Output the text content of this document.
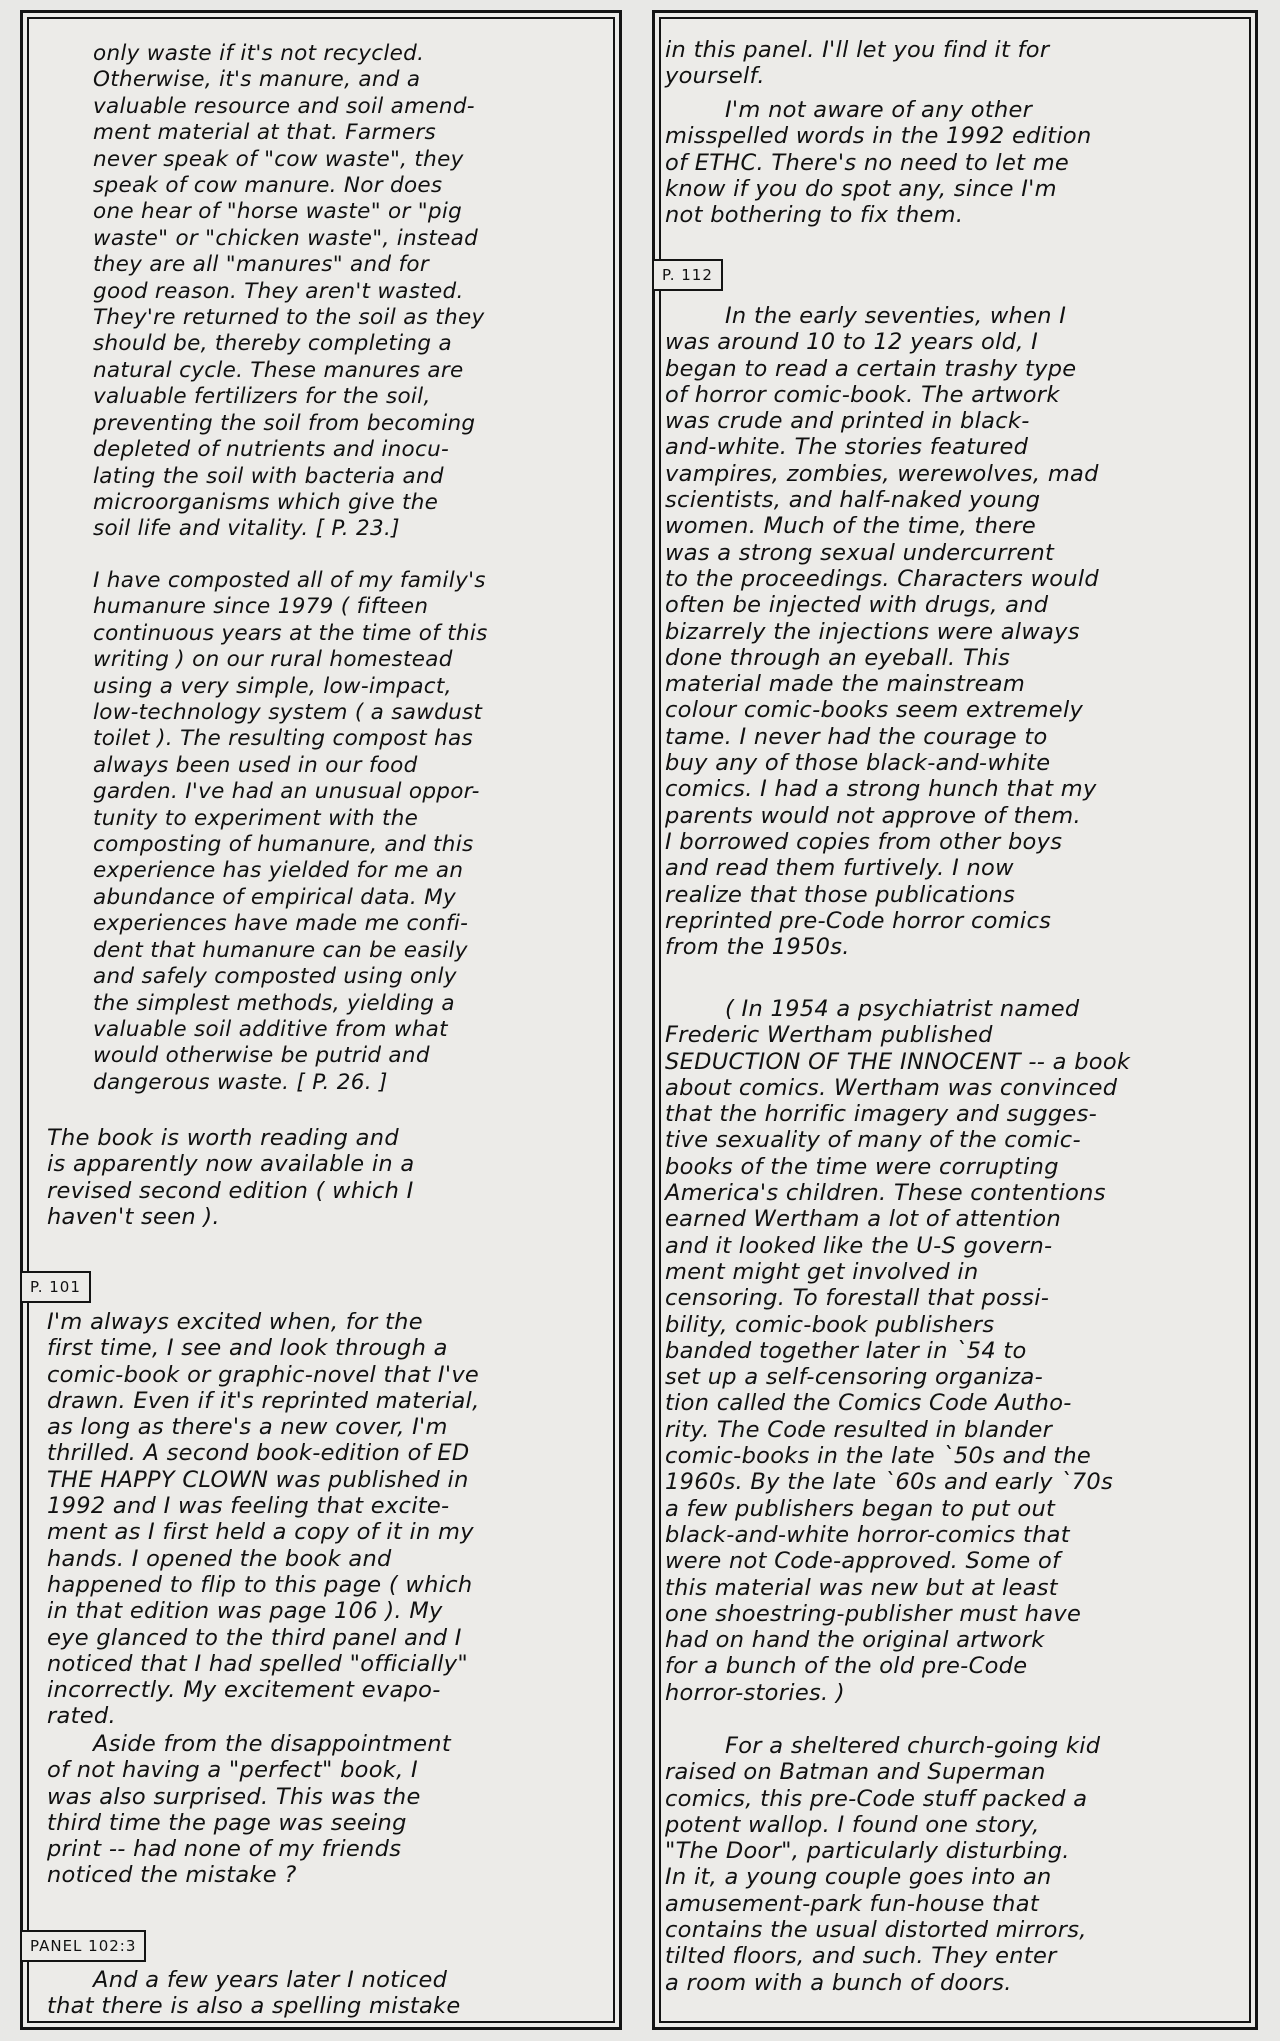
only waste if it's not recycled.
Otherwise, it's manure, and a
valuable resource and soil amend-
ment material at that. Farmers
never speak of "cow waste", they
speak of cow manure. Nor does
one hear of "horse waste" or "pig
waste" or "chicken waste", instead
they are all "manures" and for
good reason. They aren't wasted.
They're returned to the soil as they
should be, thereby completing a
natural cycle. These manures are
valuable fertilizers for the soil,
preventing the soil from becoming
depleted of nutrients and inocu-
lating the soil with bacteria and
microorganisms which give the
soil life and vitality. [ P. 23.]

I have composted all of my family's
humanure since 1979 ( fifteen
continuous years at the time of this
writing ) on our rural homestead
using a very simple, low-impact,
low-technology system ( a sawdust
toilet ). The resulting compost has
always been used in our food
garden. I've had an unusual oppor-
tunity to experiment with the
composting of humanure, and this
experience has yielded for me an
abundance of empirical data. My
experiences have made me confi-
dent that humanure can be easily
and safely composted using only
the simplest methods, yielding a
valuable soil additive from what
would otherwise be putrid and
dangerous waste. [ P. 26. ]

The book is worth reading and
is apparently now available in a
revised second edition ( which I
haven't seen ).

P. 101

I'm always excited when, for the
first time, I see and look through a
comic-book or graphic-novel that I've
drawn. Even if it's reprinted material,
as long as there's a new cover, I'm
thrilled. A second book-edition of ED
THE HAPPY CLOWN was published in
1992 and I was feeling that excite-
ment as I first held a copy of it in my
hands. I opened the book and
happened to flip to this page ( which
in that edition was page 106 ). My
eye glanced to the third panel and I
noticed that I had spelled "officially"
incorrectly. My excitement evapo-
rated.

Aside from the disappointment
of not having a "perfect" book, I
was also surprised. This was the
third time the page was seeing
print -- had none of my friends
noticed the mistake ?

PANEL 102:3

And a few years later I noticed
that there is also a spelling mistake

in this panel. I'll let you find it for
yourself.

I'm not aware of any other
misspelled words in the 1992 edition
of ETHC. There's no need to let me
know if you do spot any, since I'm
not bothering to fix them.

P. 112

In the early seventies, when I
was around 10 to 12 years old, I
began to read a certain trashy type
of horror comic-book. The artwork
was crude and printed in black-
and-white. The stories featured
vampires, zombies, werewolves, mad
scientists, and half-naked young
women. Much of the time, there
was a strong sexual undercurrent
to the proceedings. Characters would
often be injected with drugs, and
bizarrely the injections were always
done through an eyeball. This
material made the mainstream
colour comic-books seem extremely
tame. I never had the courage to
buy any of those black-and-white
comics. I had a strong hunch that my
parents would not approve of them.
I borrowed copies from other boys
and read them furtively. I now
realize that those publications
reprinted pre-Code horror comics
from the 1950s.

( In 1954 a psychiatrist named
Frederic Wertham published
SEDUCTION OF THE INNOCENT -- a book
about comics. Wertham was convinced
that the horrific imagery and sugges-
tive sexuality of many of the comic-
books of the time were corrupting
America's children. These contentions
earned Wertham a lot of attention
and it looked like the U-S govern-
ment might get involved in
censoring. To forestall that possi-
bility, comic-book publishers
banded together later in `54 to
set up a self-censoring organiza-
tion called the Comics Code Autho-
rity. The Code resulted in blander
comic-books in the late `50s and the
1960s. By the late `60s and early `70s
a few publishers began to put out
black-and-white horror-comics that
were not Code-approved. Some of
this material was new but at least
one shoestring-publisher must have
had on hand the original artwork
for a bunch of the old pre-Code
horror-stories. )

For a sheltered church-going kid
raised on Batman and Superman
comics, this pre-Code stuff packed a
potent wallop. I found one story,
"The Door", particularly disturbing.
In it, a young couple goes into an
amusement-park fun-house that
contains the usual distorted mirrors,
tilted floors, and such. They enter
a room with a bunch of doors.
